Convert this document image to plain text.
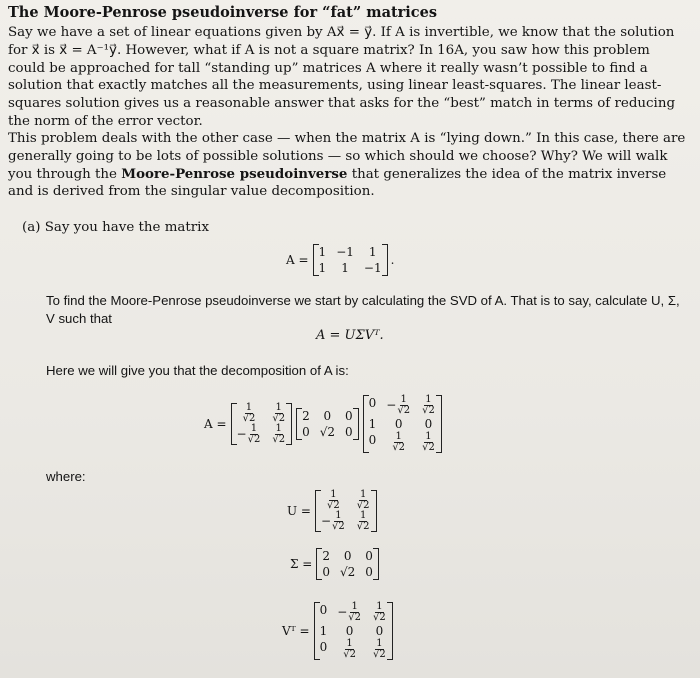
The Moore-Penrose pseudoinverse for “fat” matrices
Say we have a set of linear equations given by Ax⃗ = y⃗. If A is invertible, we know that the solution for x⃗ is x⃗ = A⁻¹y⃗. However, what if A is not a square matrix? In 16A, you saw how this problem could be approached for tall “standing up” matrices A where it really wasn’t possible to find a solution that exactly matches all the measurements, using linear least-squares. The linear least-squares solution gives us a reasonable answer that asks for the “best” match in terms of reducing the norm of the error vector.
This problem deals with the other case — when the matrix A is “lying down.” In this case, there are generally going to be lots of possible solutions — so which should we choose? Why? We will walk you through the Moore-Penrose pseudoinverse that generalizes the idea of the matrix inverse and is derived from the singular value decomposition.
(a) Say you have the matrix
A =
1 −1	1
1	1	−1
.
To find the Moore-Penrose pseudoinverse we start by calculating the SVD of A. That is to say, calculate U, Σ, V such that
A = UΣVᵀ.
Here we will give you that the decomposition of A is:
$A = \frac{1}{√2} \frac{1}{√2}$
− $\frac{1}{√2} \frac{1}{√2}$
2	0	0
0 √2 0
$0 - \frac{1}{√2} \frac{1}{√2}$
1	0	0
$0 \frac{1}{√2} \frac{1}{√2}$
where:
$U = \frac{1}{√2} \frac{1}{√2}$
− $\frac{1}{√2} \frac{1}{√2}$
Σ =
2	0	0
0 √2 0
Vᵀ =
$0 - \frac{1}{√2} \frac{1}{√2}$
1	0	0
$0 \frac{1}{√2} \frac{1}{√2}$
